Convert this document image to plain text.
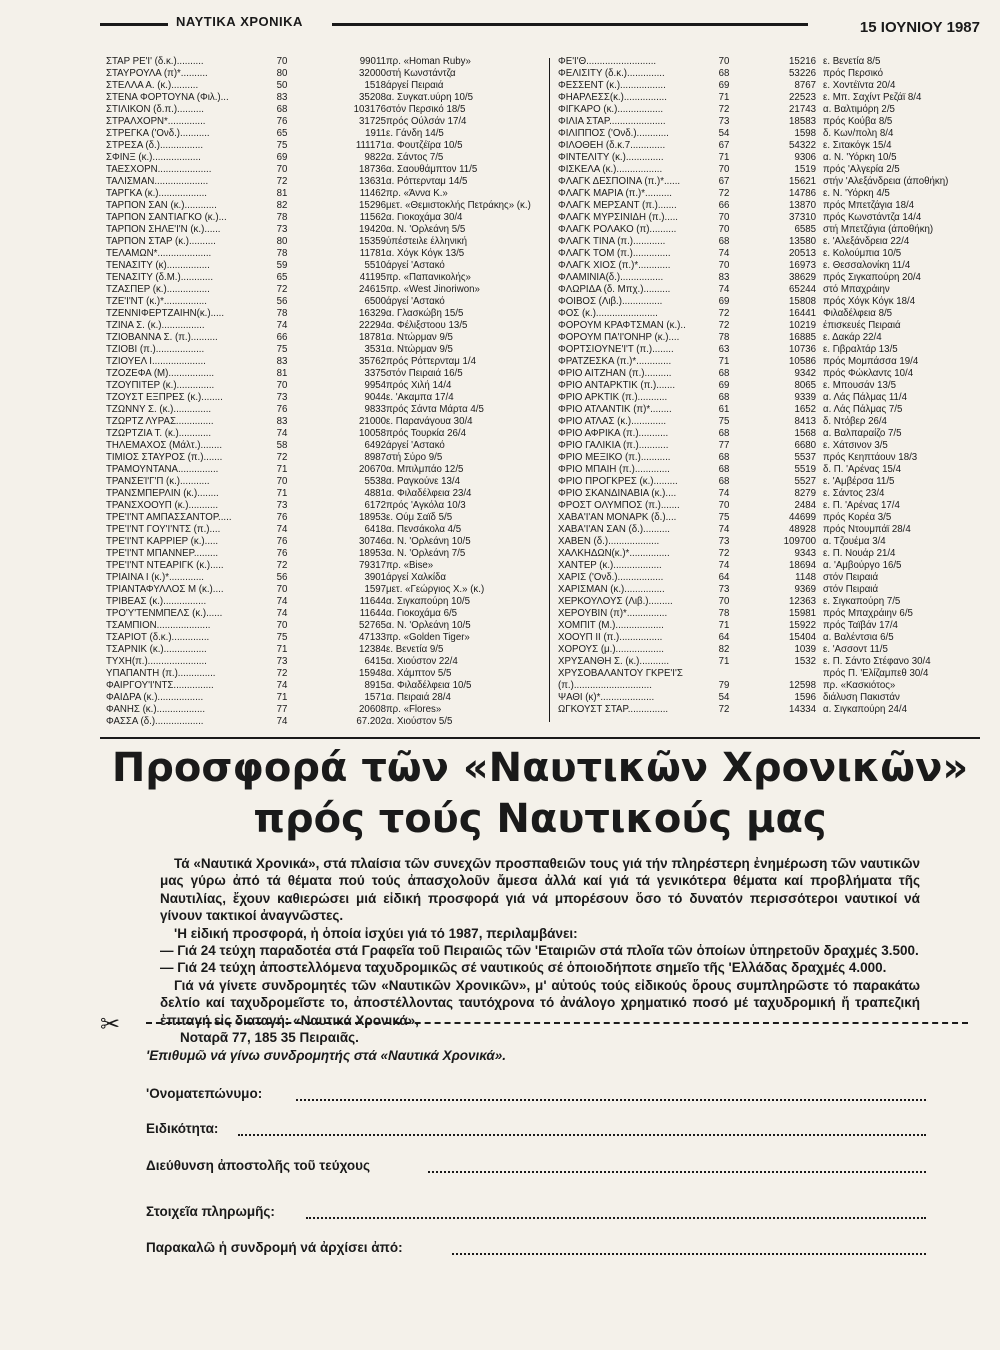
ΝΑΥΤΙΚΑ ΧΡΟΝΙΚΑ	15 ΙΟΥΝΙΟΥ 1987
ΣΤΑΡ ΡΕ'Ι' (δ.κ.)..........
ΣΤΑΥΡΟΥΛΑ (π)*..........
ΣΤΕΛΛΑ Α. (κ.)..........
ΣΤΕΝΑ ΦΟΡΤΟΥΝΑ (Φιλ.)...
ΣΤΙΛΙΚΟΝ (δ.π.)..........
ΣΤΡΑΛΧΟΡΝ*..............
ΣΤΡΕΓΚΑ ('Ονδ.)...........
ΣΤΡΕΣΑ (δ.)................
ΣΦΙΝΞ (κ.)..................
ΤΑΕΣΧΟΡΝ....................
ΤΑΛΙΣΜΑΝ....................
ΤΑΡΓΚΑ (κ.)..................
ΤΑΡΠΟΝ ΣΑΝ (κ.)............
ΤΑΡΠΟΝ ΣΑΝΤΙΑΓΚΟ (κ.)...
ΤΑΡΠΟΝ ΣΗΛΕ'Ι'Ν (κ.)......
ΤΑΡΠΟΝ ΣΤΑΡ (κ.)..........
ΤΕΛΑΜΩΝ*....................
ΤΕΝΑΣΙΤΥ (κ)................
ΤΕΝΑΣΙΤΥ (δ.Μ.)............
ΤΖΑΣΠΕΡ (κ.)................
ΤΖΕ'Ι'ΝΤ (κ.)*................
ΤΖΕΝΝΙΦΕΡΤΖΑΙΗΝ(κ.).....
ΤΖΙΝΑ Σ. (κ.)................
ΤΖΙΟΒΑΝΝΑ Σ. (π.)..........
ΤΖΙΟΒΙ (π.)..................
ΤΖΙΟΥΕΛ Ι....................
ΤΖΟΖΕΦΑ (Μ).................
ΤΖΟΥΠΙΤΕΡ (κ.)..............
ΤΖΟΥΣΤ ΕΞΠΡΕΣ (κ.)........
ΤΖΩΝΝΥ Σ. (κ.)..............
ΤΖΩΡΤΖ ΛΥΡΑΣ..............
ΤΖΩΡΤΖΙΑ Τ. (κ.)............
ΤΗΛΕΜΑΧΟΣ (Μάλτ.)........
ΤΙΜΙΟΣ ΣΤΑΥΡΟΣ (π.).......
ΤΡΑΜΟΥΝΤΑΝΑ...............
ΤΡΑΝΣΕΊ'Γ'Π (κ.)...........
ΤΡΑΝΣΜΠΕΡΛΙΝ (κ.)........
ΤΡΑΝΣΧΟΟΥΠ (κ.)...........
ΤΡΕ'Ι'ΝΤ ΑΜΠΑΣΣΑΝΤΟΡ.....
ΤΡΕ'Ι'ΝΤ ΓΟΥ'Ι'ΝΤΣ (π.)....
ΤΡΕ'Ι'ΝΤ ΚΑΡΡΙΕΡ (κ.).....
ΤΡΕ'Ι'ΝΤ ΜΠΑΝΝΕΡ.........
ΤΡΕ'Ι'ΝΤ ΝΤΕΑΡΙΓΚ (κ.).....
ΤΡΙΑΙΝΑ Ι (κ.)*.............
ΤΡΙΑΝΤΑΦΥΛΛΟΣ Μ (κ.)....
ΤΡΙΒΕΑΣ (κ.)................
ΤΡΟ'Υ'ΤΕΝΜΠΕΛΣ (κ.)......
ΤΣΑΜΠΙΟΝ....................
ΤΣΑΡΙΟΤ (δ.κ.)..............
ΤΣΑΡΝΙΚ (κ.)................
ΤΥΧΗ(π.)......................
ΥΠΑΠΑΝΤΗ (π.)..............
ΦΑΙΡΓΟΥ'Ι'ΝΤΣ...............
ΦΑΙΔΡΑ (κ.).................
ΦΑΝΗΣ (κ.)..................
ΦΑΣΣΑ (δ.)..................
70
80
50
83
68
76
65
75
69
70
72
81
82
78
73
80
78
59
65
72
56
78
74
66
75
83
81
70
73
76
83
74
58
72
71
70
71
73
76
74
76
76
72
56
70
74
74
70
75
71
73
72
74
71
77
74
99011
32000
1518
35208
103176
31725
1911
111171
9822
18736
13631
11462
15296
11562
19420
15359
11781
5510
41195
24615
6500
16329
22294
18781
3531
35762
3375
9954
9044
9833
21000
10058
6492
8987
20670
5538
4881
6172
18953
6418
30746
18953
79317
3901
1597
11644
11644
52765
47133
12384
6415
15948
8915
1571
20608
67.202
πρ. «Homan Ruby»
στή Κωνστάντζα
άργεί Πειραιά
α. Συγκατ.υύρη 10/5
στόν Περσικό 18/5
πρός Ούλσάν 17/4
ε. Γάνδη 14/5
α. Φουτζέϊρα 10/5
α. Σάντος 7/5
α. Σαουθάμπτον 11/5
α. Ρόττερνταμ 14/5
πρ. «Άννα Κ.»
μετ. «Θεμιστοκλής Πετράκης» (κ.)
α. Γιοκοχάμα 30/4
α. Ν. 'Ορλεάνη 5/5
ύπέστειλε έλληνική
α. Χόγκ Κόγκ 13/5
άργεί 'Αστακό
πρ. «Παπανικολής»
πρ. «West Jinoriwon»
άργεί 'Αστακό
α. Γλασκώβη 15/5
α. Φέλιξστοου 13/5
α. Ντώρμαν 9/5
α. Ντώρμαν 9/5
πρός Ρόττερνταμ 1/4
στόν Πειραιά 16/5
πρός Χιλή 14/4
ε. 'Ακαμπα 17/4
πρός Σάντα Μάρτα 4/5
ε. Παρανάγουα 30/4
πρός Τουρκία 26/4
άργεί 'Αστακό
στή Σύρο 9/5
α. Μπιλμπάο 12/5
α. Ραγκούνε 13/4
α. Φιλαδέλφεια 23/4
πρός 'Αγκόλα 10/3
ε. Ούμ Σαϊδ 5/5
α. Πενσάκολα 4/5
α. Ν. 'Ορλεάνη 10/5
α. Ν. 'Ορλεάνη 7/5
πρ. «Bise»
άργεί Χαλκίδα
μετ. «Γεώργιος Χ.» (κ.)
α. Σιγκαπούρη 10/5
α. Γιοκοχάμα 6/5
α. Ν. 'Ορλεάνη 10/5
πρ. «Golden Tiger»
ε. Βενετία 9/5
α. Χιούστον 22/4
α. Χάμπτον 5/5
α. Φιλαδέλφεια 10/5
α. Πειραιά 28/4
πρ. «Flores»
α. Χιούστον 5/5
ΦΕ'Ι'Θ..........................
ΦΕΛΙΣΙΤΥ (δ.κ.)..............
ΦΕΣΣΕΝΤ (κ.).................
ΦΗΑΡΛΕΣΣ(κ.)................
ΦΙΓΚΑΡΟ (κ.).................
ΦΙΛΙΑ ΣΤΑΡ.....................
ΦΙΛΙΠΠΟΣ ('Ονδ.)............
ΦΙΛΟΘΕΗ (δ.κ.7.............
ΦΙΝΤΕΛΙΤΥ (κ.)..............
ΦΙΣΚΕΛΑ (κ.).................
ΦΛΑΓΚ ΔΕΣΠΟΙΝΑ (π.)*......
ΦΛΑΓΚ ΜΑΡΙΑ (π.)*..........
ΦΛΑΓΚ ΜΕΡΣΑΝΤ (π.).......
ΦΛΑΓΚ ΜΥΡΣΙΝΙΔΗ (π.).....
ΦΛΑΓΚ ΡΟΛΑΚΟ (π)..........
ΦΛΑΓΚ ΤΙΝΑ (π.)............
ΦΛΑΓΚ ΤΟΜ (π.)..............
ΦΛΑΓΚ ΧΙΟΣ (π.)*............
ΦΛΑΜΙΝΙΑ(δ.)................
ΦΛΩΡΙΔΑ (δ. Μπχ.)..........
ΦΟΙΒΟΣ (Λιβ.)...............
ΦΟΣ (κ.).......................
ΦΟΡΟΥΜ ΚΡΑΦΤΣΜΑΝ (κ.)..
ΦΟΡΟΥΜ ΠΑ'Ι'ΟΝΗΡ (κ.)....
ΦΟΡΤΣΙΟΥΝΕ'Ι'Τ (π.)........
ΦΡΑΤΖΕΣΚΑ (π.)*.............
ΦΡΙΟ ΑΙΤΖΗΑΝ (π.)..........
ΦΡΙΟ ΑΝΤΑΡΚΤΙΚ (π.).......
ΦΡΙΟ ΑΡΚΤΙΚ (π.)...........
ΦΡΙΟ ΑΤΛΑΝΤΙΚ (π)*........
ΦΡΙΟ ΑΤΛΑΣ (κ.).............
ΦΡΙΟ ΑΦΡΙΚΑ (π.)...........
ΦΡΙΟ ΓΑΛΙΚΙΑ (π.)...........
ΦΡΙΟ ΜΕΞΙΚΟ (π.)...........
ΦΡΙΟ ΜΠΑΙΗ (π.).............
ΦΡΙΟ ΠΡΟΓΚΡΕΣ (κ.).........
ΦΡΙΟ ΣΚΑΝΔΙΝΑΒΙΑ (κ.)....
ΦΡΟΣΤ ΟΛΥΜΠΟΣ (π.).......
ΧΑΒΑ'Ι'ΑΝ ΜΟΝΑΡΚ (δ.)....
ΧΑΒΑ'Ι'ΑΝ ΣΑΝ (δ.)..........
ΧΑΒΕΝ (δ.)...................
ΧΑΛΚΗΔΩΝ(κ.)*...............
ΧΑΝΤΕΡ (κ.)..................
ΧΑΡΙΣ ('Ονδ.).................
ΧΑΡΙΣΜΑΝ (κ.)...............
ΧΕΡΚΟΥΛΟΥΣ (Λιβ.).........
ΧΕΡΟΥΒΙΝ (π)*...............
ΧΟΜΠΙΤ (Μ.)..................
ΧΟΟΥΠ ΙΙ (π.)................
ΧΟΡΟΥΣ (μ.)..................
ΧΡΥΣΑΝΘΗ Σ. (κ.)...........
ΧΡΥΣΟΒΑΛΑΝΤΟΥ ΓΚΡΕ'Ι'Σ
(π.).............................
ΨΑΘΙ (κ)*....................
ΩΓΚΟΥΣΤ ΣΤΑΡ...............
70
68
69
71
72
73
54
67
71
70
67
72
66
70
70
68
74
70
83
74
69
72
72
78
63
71
68
69
68
61
75
68
77
68
68
68
74
70
75
74
73
72
74
64
73
70
78
71
64
82
71
79
54
72
15216
53226
8767
22523
21743
18583
1598
54322
9306
1519
15621
14786
13870
37310
6585
13580
20513
16973
38629
65244
15808
16441
10219
16885
10736
10586
9342
8065
9339
1652
8413
1568
6680
5537
5519
5527
8279
2484
44699
48928
109700
9343
18694
1148
9369
12363
15981
15922
15404
1039
1532
12598
1596
14334
ε. Βενετία 8/5
πρός Περσικό
ε. Χοντέϊντα 20/4
ε. Μπ. Σαχίντ Ρεζάϊ 8/4
α. Βαλτιμόρη 2/5
πρός Κούβα 8/5
δ. Κων/πολη 8/4
ε. Σιτακόγκ 15/4
α. Ν. 'Υόρκη 10/5
πρός 'Αλγερία 2/5
στήν 'Αλεξάνδρεια (άποθήκη)
ε. Ν. 'Υόρκη 4/5
πρός Μπετζάγια 18/4
πρός Κωνστάντζα 14/4
στή Μπετζάγια (άποθήκη)
ε. 'Αλεξάνδρεια 22/4
ε. Κολούμπια 10/5
ε. Θεσσαλονίκη 11/4
πρός Σιγκαπούρη 20/4
στό Μπαχράιην
πρός Χόγκ Κόγκ 18/4
Φιλαδέλφεια 8/5
έπισκευές Πειραιά
ε. Δακάρ 22/4
ε. Γιβραλτάρ 13/5
πρός Μομπάσσα 19/4
πρός Φώκλαντς 10/4
ε. Μπουσάν 13/5
α. Λάς Πάλμας 11/4
α. Λάς Πάλμας 7/5
δ. Ντόβερ 26/4
α. Βαλπαραίζο 7/5
ε. Χάτσινον 3/5
πρός Κεηπτάουν 18/3
δ. Π. 'Αρένας 15/4
ε. 'Αμβέρσα 11/5
ε. Σάντος 23/4
ε. Π. 'Αρένας 17/4
πρός Κορέα 3/5
πρός Ντουμπάϊ 28/4
α. Τζουέμα 3/4
ε. Π. Νουάρ 21/4
α. 'Αμβούργο 16/5
στόν Πειραιά
στόν Πειραιά
ε. Σιγκαπούρη 7/5
πρός Μπαχράιην 6/5
πρός Ταϊβάν 17/4
α. Βαλέντσια 6/5
ε. 'Ασσοντ 11/5
ε. Π. Σάντο Στέφανο 30/4
πρός Π. 'Ελίζαμπεθ 30/4
πρ. «Κασκιότος»
διάλυση Πακιστάν
α. Σιγκαπούρη 24/4
Προσφορά τῶν «Ναυτικῶν Χρονικῶν»
πρός τούς Ναυτικούς μας

Τά «Ναυτικά Χρονικά», στά πλαίσια τῶν συνεχῶν προσπαθειῶν τους γιά τήν πληρέστερη ἐνημέρωση τῶν ναυτικῶν μας γύρω ἀπό τά θέματα πού τούς ἀπασχολοῦν ἄμεσα ἀλλά καί γιά τά γενικότερα θέματα καί προβλήματα τῆς Ναυτιλίας, ἔχουν καθιερώσει μιά εἰδική προσφορά γιά νά μπορέσουν ὅσο τό δυνατόν περισσότεροι ναυτικοί νά γίνουν τακτικοί ἀναγνῶστες.

'Η εἰδική προσφορά, ἡ ὁποία ἰσχύει γιά τό 1987, περιλαμβάνει:

— Γιά 24 τεύχη παραδοτέα στά Γραφεῖα τοῦ Πειραιῶς τῶν 'Εταιριῶν στά πλοῖα τῶν ὁποίων ὑπηρετοῦν δραχμές 3.500.

— Γιά 24 τεύχη ἀποστελλόμενα ταχυδρομικῶς σέ ναυτικούς σέ ὁποιοδήποτε σημεῖο τῆς 'Ελλάδας δραχμές 4.000.

Γιά νά γίνετε συνδρομητές τῶν «Ναυτικῶν Χρονικῶν», μ' αὐτούς τούς εἰδικούς ὅρους συμπληρῶστε τό παρακάτω δελτίο καί ταχυδρομεῖστε το, ἀποστέλλοντας ταυτόχρονα τό ἀνάλογο χρηματικό ποσό μέ ταχυδρομική ἤ τραπεζική ἐπιταγή εἰς διαταγή: «Ναυτικά Χρονικά»,

Νοταρᾶ 77, 185 35 Πειραιᾶς.

✂
'Επιθυμῶ νά γίνω συνδρομητής στά «Ναυτικά Χρονικά».
'Ονοματεπώνυμο:
Ειδικότητα:
Διεύθυνση ἀποστολῆς τοῦ τεύχους
Στοιχεῖα πληρωμῆς:
Παρακαλῶ ἡ συνδρομή νά ἀρχίσει ἀπό:
